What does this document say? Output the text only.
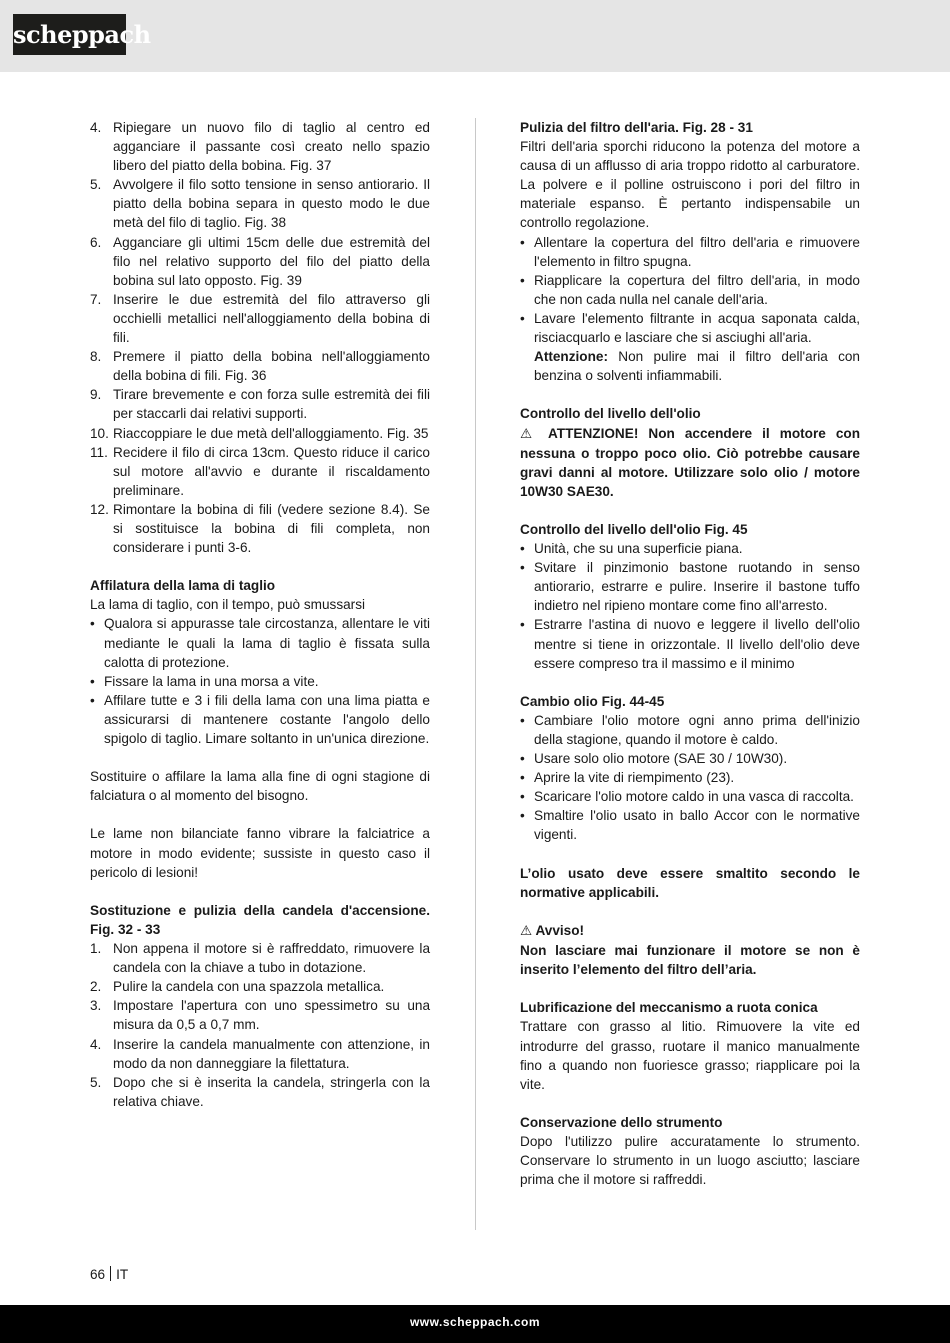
scheppach
4. Ripiegare un nuovo filo di taglio al centro ed agganciare il passante così creato nello spazio libero del piatto della bobina. Fig. 37
5. Avvolgere il filo sotto tensione in senso antiorario. Il piatto della bobina separa in questo modo le due metà del filo di taglio. Fig. 38
6. Agganciare gli ultimi 15cm delle due estremità del filo nel relativo supporto del filo del piatto della bobina sul lato opposto. Fig. 39
7. Inserire le due estremità del filo attraverso gli occhielli metallici nell'alloggiamento della bobina di fili.
8. Premere il piatto della bobina nell'alloggiamento della bobina di fili. Fig. 36
9. Tirare brevemente e con forza sulle estremità dei fili per staccarli dai relativi supporti.
10. Riaccoppiare le due metà dell'alloggiamento. Fig. 35
11. Recidere il filo di circa 13cm. Questo riduce il carico sul motore all'avvio e durante il riscaldamento preliminare.
12. Rimontare la bobina di fili (vedere sezione 8.4). Se si sostituisce la bobina di fili completa, non considerare i punti 3-6.

Affilatura della lama di taglio

La lama di taglio, con il tempo, può smussarsi

• Qualora si appurasse tale circostanza, allentare le viti mediante le quali la lama di taglio è fissata sulla calotta di protezione.
• Fissare la lama in una morsa a vite.
• Affilare tutte e 3 i fili della lama con una lima piatta e assicurarsi di mantenere costante l'angolo dello spigolo di taglio. Limare soltanto in un'unica direzione.

Sostituire o affilare la lama alla fine di ogni stagione di falciatura o al momento del bisogno.

Le lame non bilanciate fanno vibrare la falciatrice a motore in modo evidente; sussiste in questo caso il pericolo di lesioni!

Sostituzione e pulizia della candela d'accensione. Fig. 32 - 33

1. Non appena il motore si è raffreddato, rimuovere la candela con la chiave a tubo in dotazione.
2. Pulire la candela con una spazzola metallica.
3. Impostare l'apertura con uno spessimetro su una misura da 0,5 a 0,7 mm.
4. Inserire la candela manualmente con attenzione, in modo da non danneggiare la filettatura.
5. Dopo che si è inserita la candela, stringerla con la relativa chiave.

Pulizia del filtro dell'aria. Fig. 28 - 31

Filtri dell'aria sporchi riducono la potenza del motore a causa di un afflusso di aria troppo ridotto al carburatore. La polvere e il polline ostruiscono i pori del filtro in materiale espanso. È pertanto indispensabile un controllo regolazione.

• Allentare la copertura del filtro dell'aria e rimuovere l'elemento in filtro spugna.
• Riapplicare la copertura del filtro dell'aria, in modo che non cada nulla nel canale dell'aria.
• Lavare l'elemento filtrante in acqua saponata calda, risciacquarlo e lasciare che si asciughi all'aria.
Attenzione: Non pulire mai il filtro dell'aria con benzina o solventi infiammabili.

Controllo del livello dell'olio

⚠ ATTENZIONE! Non accendere il motore con nessuna o troppo poco olio. Ciò potrebbe causare gravi danni al motore. Utilizzare solo olio / motore 10W30 SAE30.

Controllo del livello dell'olio Fig. 45

• Unità, che su una superficie piana.
• Svitare il pinzimonio bastone ruotando in senso antiorario, estrarre e pulire. Inserire il bastone tuffo indietro nel ripieno montare come fino all'arresto.
• Estrarre l'astina di nuovo e leggere il livello dell'olio mentre si tiene in orizzontale. Il livello dell'olio deve essere compreso tra il massimo e il minimo

Cambio olio Fig. 44-45

• Cambiare l'olio motore ogni anno prima dell'inizio della stagione, quando il motore è caldo.
• Usare solo olio motore (SAE 30 / 10W30).
• Aprire la vite di riempimento (23).
• Scaricare l'olio motore caldo in una vasca di raccolta.
• Smaltire l'olio usato in ballo Accor con le normative vigenti.

L’olio usato deve essere smaltito secondo le normative applicabili.

⚠ Avviso!

Non lasciare mai funzionare il motore se non è inserito l’elemento del filtro dell’aria.

Lubrificazione del meccanismo a ruota conica

Trattare con grasso al litio. Rimuovere la vite ed introdurre del grasso, ruotare il manico manualmente fino a quando non fuoriesce grasso; riapplicare poi la vite.

Conservazione dello strumento

Dopo l'utilizzo pulire accuratamente lo strumento. Conservare lo strumento in un luogo asciutto; lasciare prima che il motore si raffreddi.

66 IT
www.scheppach.com
